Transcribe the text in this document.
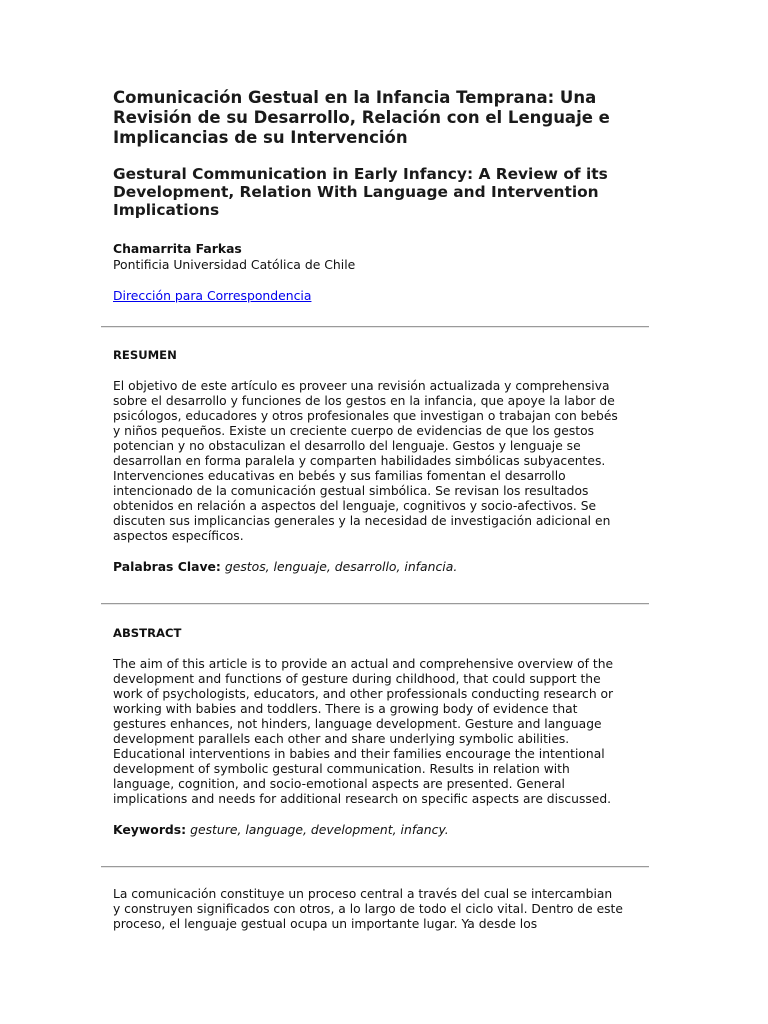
Comunicación Gestual en la Infancia Temprana: Una Revisión de su Desarrollo, Relación con el Lenguaje e Implicancias de su Intervención
Gestural Communication in Early Infancy: A Review of its Development, Relation With Language and Intervention Implications
Chamarrita Farkas
Pontificia Universidad Católica de Chile
Dirección para Correspondencia
RESUMEN

El objetivo de este artículo es proveer una revisión actualizada y comprehensiva sobre el desarrollo y funciones de los gestos en la infancia, que apoye la labor de psicólogos, educadores y otros profesionales que investigan o trabajan con bebés y niños pequeños. Existe un creciente cuerpo de evidencias de que los gestos potencian y no obstaculizan el desarrollo del lenguaje. Gestos y lenguaje se desarrollan en forma paralela y comparten habilidades simbólicas subyacentes. Intervenciones educativas en bebés y sus familias fomentan el desarrollo intencionado de la comunicación gestual simbólica. Se revisan los resultados obtenidos en relación a aspectos del lenguaje, cognitivos y socio-afectivos. Se discuten sus implicancias generales y la necesidad de investigación adicional en aspectos específicos.

Palabras Clave: gestos, lenguaje, desarrollo, infancia.
ABSTRACT

The aim of this article is to provide an actual and comprehensive overview of the development and functions of gesture during childhood, that could support the work of psychologists, educators, and other professionals conducting research or working with babies and toddlers. There is a growing body of evidence that gestures enhances, not hinders, language development. Gesture and language development parallels each other and share underlying symbolic abilities. Educational interventions in babies and their families encourage the intentional development of symbolic gestural communication. Results in relation with language, cognition, and socio-emotional aspects are presented. General implications and needs for additional research on specific aspects are discussed.

Keywords: gesture, language, development, infancy.

La comunicación constituye un proceso central a través del cual se intercambian y construyen significados con otros, a lo largo de todo el ciclo vital. Dentro de este proceso, el lenguaje gestual ocupa un importante lugar. Ya desde los
